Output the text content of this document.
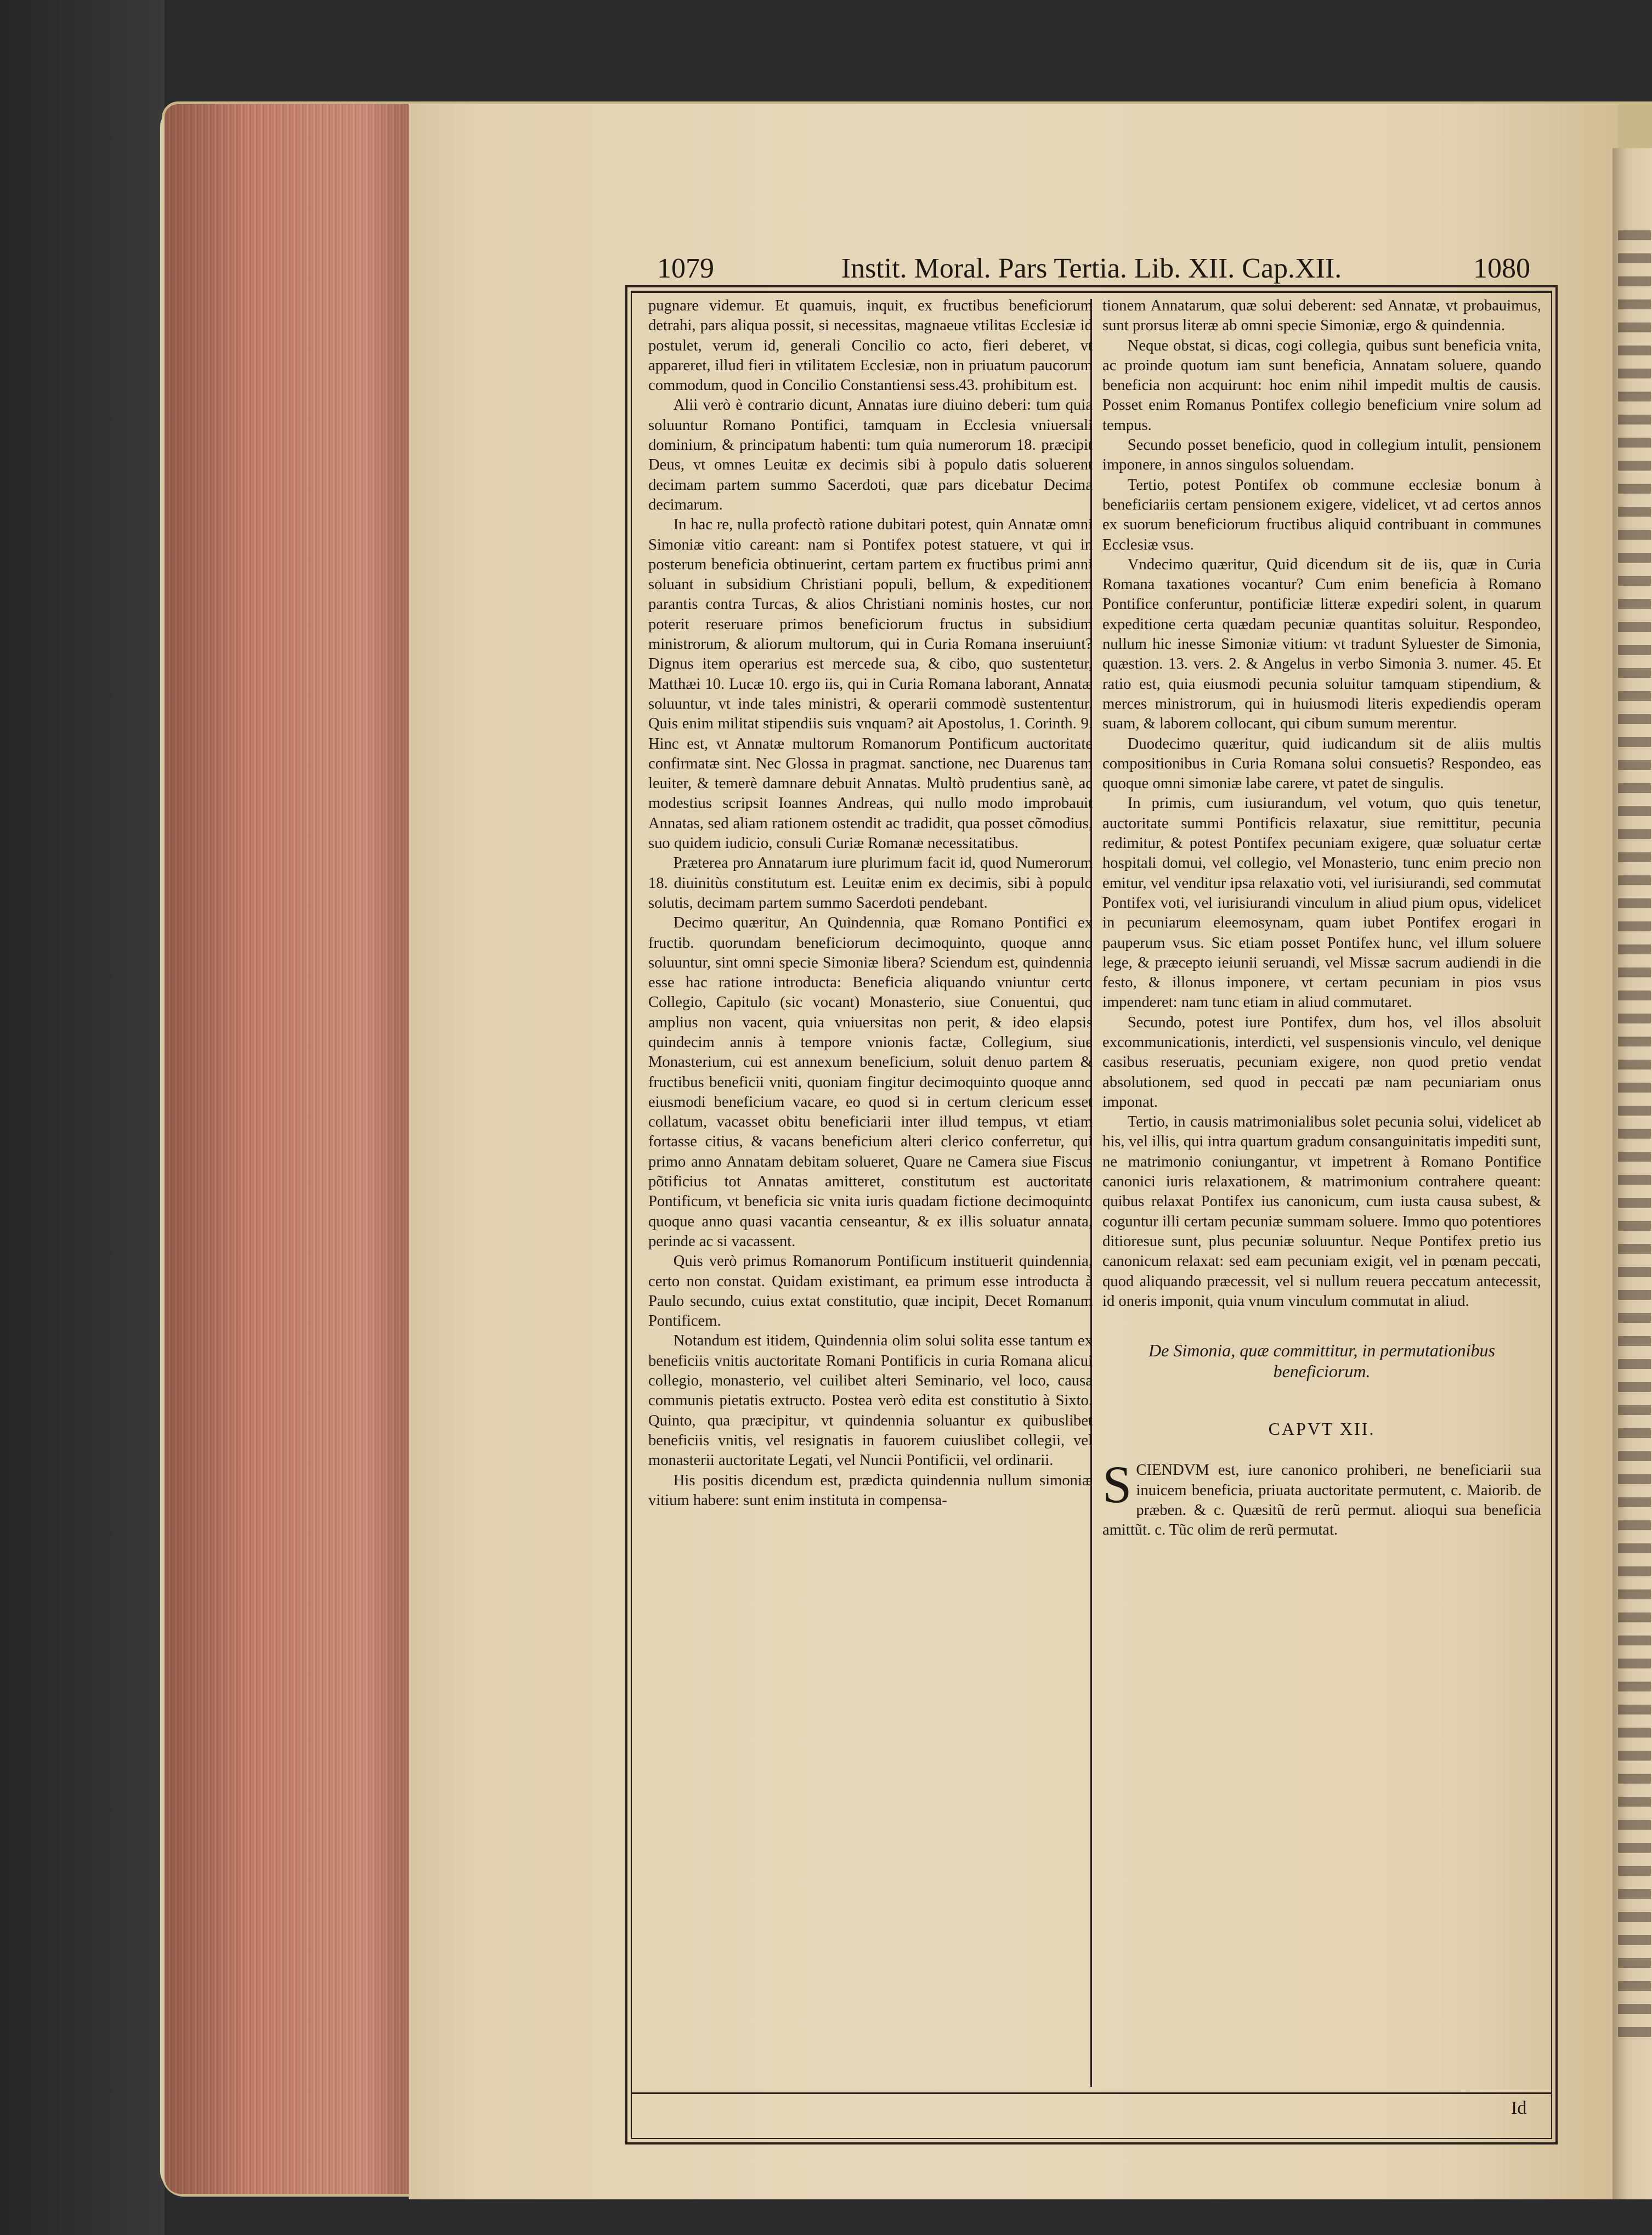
1079	Instit. Moral. Pars Tertia. Lib. XII. Cap.XII.	1080

pugnare videmur. Et quamuis, inquit, ex fructibus beneficiorum detrahi, pars aliqua possit, si necessitas, magnaeue vtilitas Ecclesiæ id postulet, verum id, generali Concilio co acto, fieri deberet, vt appareret, illud fieri in vtilitatem Ecclesiæ, non in priuatum paucorum commodum, quod in Concilio Constantiensi sess.43. prohibitum est.

Alii verò è contrario dicunt, Annatas iure diuino deberi: tum quia soluuntur Romano Pontifici, tamquam in Ecclesia vniuersali dominium, & principatum habenti: tum quia numerorum 18. præcipit Deus, vt omnes Leuitæ ex decimis sibi à populo datis soluerent decimam partem summo Sacerdoti, quæ pars dicebatur Decima decimarum.

In hac re, nulla profectò ratione dubitari potest, quin Annatæ omni Simoniæ vitio careant: nam si Pontifex potest statuere, vt qui in posterum beneficia obtinuerint, certam partem ex fructibus primi anni soluant in subsidium Christiani populi, bellum, & expeditionem parantis contra Turcas, & alios Christiani nominis hostes, cur non poterit reseruare primos beneficiorum fructus in subsidium ministrorum, & aliorum multorum, qui in Curia Romana inseruiunt? Dignus item operarius est mercede sua, & cibo, quo sustentetur, Matthæi 10. Lucæ 10. ergo iis, qui in Curia Romana laborant, Annatæ soluuntur, vt inde tales ministri, & operarii commodè sustententur. Quis enim militat stipendiis suis vnquam? ait Apostolus, 1. Corinth. 9. Hinc est, vt Annatæ multorum Romanorum Pontificum auctoritate confirmatæ sint. Nec Glossa in pragmat. sanctione, nec Duarenus tam leuiter, & temerè damnare debuit Annatas. Multò prudentius sanè, ac modestius scripsit Ioannes Andreas, qui nullo modo improbauit Annatas, sed aliam rationem ostendit ac tradidit, qua posset cõmodius, suo quidem iudicio, consuli Curiæ Romanæ necessitatibus.

Præterea pro Annatarum iure plurimum facit id, quod Numerorum 18. diuinitùs constitutum est. Leuitæ enim ex decimis, sibi à populo solutis, decimam partem summo Sacerdoti pendebant.

Decimo quæritur, An Quindennia, quæ Romano Pontifici ex fructib. quorundam beneficiorum decimoquinto, quoque anno soluuntur, sint omni specie Simoniæ libera? Sciendum est, quindennia esse hac ratione introducta: Beneficia aliquando vniuntur certo Collegio, Capitulo (sic vocant) Monasterio, siue Conuentui, quo amplius non vacent, quia vniuersitas non perit, & ideo elapsis quindecim annis à tempore vnionis factæ, Collegium, siue Monasterium, cui est annexum beneficium, soluit denuo partem & fructibus beneficii vniti, quoniam fingitur decimoquinto quoque anno eiusmodi beneficium vacare, eo quod si in certum clericum esset collatum, vacasset obitu beneficiarii inter illud tempus, vt etiam fortasse citius, & vacans beneficium alteri clerico conferretur, qui primo anno Annatam debitam solueret, Quare ne Camera siue Fiscus põtificius tot Annatas amitteret, constitutum est auctoritate Pontificum, vt beneficia sic vnita iuris quadam fictione decimoquinto quoque anno quasi vacantia censeantur, & ex illis soluatur annata, perinde ac si vacassent.

Quis verò primus Romanorum Pontificum instituerit quindennia, certo non constat. Quidam existimant, ea primum esse introducta à Paulo secundo, cuius extat constitutio, quæ incipit, Decet Romanum Pontificem.

Notandum est itidem, Quindennia olim solui solita esse tantum ex beneficiis vnitis auctoritate Romani Pontificis in curia Romana alicui collegio, monasterio, vel cuilibet alteri Seminario, vel loco, causa communis pietatis extructo. Postea verò edita est constitutio à Sixto. Quinto, qua præcipitur, vt quindennia soluantur ex quibuslibet beneficiis vnitis, vel resignatis in fauorem cuiuslibet collegii, vel monasterii auctoritate Legati, vel Nuncii Pontificii, vel ordinarii.

His positis dicendum est, prædicta quindennia nullum simoniæ vitium habere: sunt enim instituta in compensa-

tionem Annatarum, quæ solui deberent: sed Annatæ, vt probauimus, sunt prorsus literæ ab omni specie Simoniæ, ergo & quindennia.

Neque obstat, si dicas, cogi collegia, quibus sunt beneficia vnita, ac proinde quotum iam sunt beneficia, Annatam soluere, quando beneficia non acquirunt: hoc enim nihil impedit multis de causis. Posset enim Romanus Pontifex collegio beneficium vnire solum ad tempus.

Secundo posset beneficio, quod in collegium intulit, pensionem imponere, in annos singulos soluendam.

Tertio, potest Pontifex ob commune ecclesiæ bonum à beneficiariis certam pensionem exigere, videlicet, vt ad certos annos ex suorum beneficiorum fructibus aliquid contribuant in communes Ecclesiæ vsus.

Vndecimo quæritur, Quid dicendum sit de iis, quæ in Curia Romana taxationes vocantur? Cum enim beneficia à Romano Pontifice conferuntur, pontificiæ litteræ expediri solent, in quarum expeditione certa quædam pecuniæ quantitas soluitur. Respondeo, nullum hic inesse Simoniæ vitium: vt tradunt Syluester de Simonia, quæstion. 13. vers. 2. & Angelus in verbo Simonia 3. numer. 45. Et ratio est, quia eiusmodi pecunia soluitur tamquam stipendium, & merces ministrorum, qui in huiusmodi literis expediendis operam suam, & laborem collocant, qui cibum sumum merentur.

Duodecimo quæritur, quid iudicandum sit de aliis multis compositionibus in Curia Romana solui consuetis? Respondeo, eas quoque omni simoniæ labe carere, vt patet de singulis.

In primis, cum iusiurandum, vel votum, quo quis tenetur, auctoritate summi Pontificis relaxatur, siue remittitur, pecunia redimitur, & potest Pontifex pecuniam exigere, quæ soluatur certæ hospitali domui, vel collegio, vel Monasterio, tunc enim precio non emitur, vel venditur ipsa relaxatio voti, vel iurisiurandi, sed commutat Pontifex voti, vel iurisiurandi vinculum in aliud pium opus, videlicet in pecuniarum eleemosynam, quam iubet Pontifex erogari in pauperum vsus. Sic etiam posset Pontifex hunc, vel illum soluere lege, & præcepto ieiunii seruandi, vel Missæ sacrum audiendi in die festo, & illonus imponere, vt certam pecuniam in pios vsus impenderet: nam tunc etiam in aliud commutaret.

Secundo, potest iure Pontifex, dum hos, vel illos absoluit excommunicationis, interdicti, vel suspensionis vinculo, vel denique casibus reseruatis, pecuniam exigere, non quod pretio vendat absolutionem, sed quod in peccati pæ nam pecuniariam onus imponat.

Tertio, in causis matrimonialibus solet pecunia solui, videlicet ab his, vel illis, qui intra quartum gradum consanguinitatis impediti sunt, ne matrimonio coniungantur, vt impetrent à Romano Pontifice canonici iuris relaxationem, & matrimonium contrahere queant: quibus relaxat Pontifex ius canonicum, cum iusta causa subest, & coguntur illi certam pecuniæ summam soluere. Immo quo potentiores ditioresue sunt, plus pecuniæ soluuntur. Neque Pontifex pretio ius canonicum relaxat: sed eam pecuniam exigit, vel in pœnam peccati, quod aliquando præcessit, vel si nullum reuera peccatum antecessit, id oneris imponit, quia vnum vinculum commutat in aliud.

De Simonia, quæ committitur, in permutationibus beneficiorum.
CAPVT XII.

SCIENDVM est, iure canonico prohiberi, ne beneficiarii sua inuicem beneficia, priuata auctoritate permutent, c. Maiorib. de præben. & c. Quæsitũ de rerũ permut. alioqui sua beneficia amittũt. c. Tũc olim de rerũ permutat.

Id
